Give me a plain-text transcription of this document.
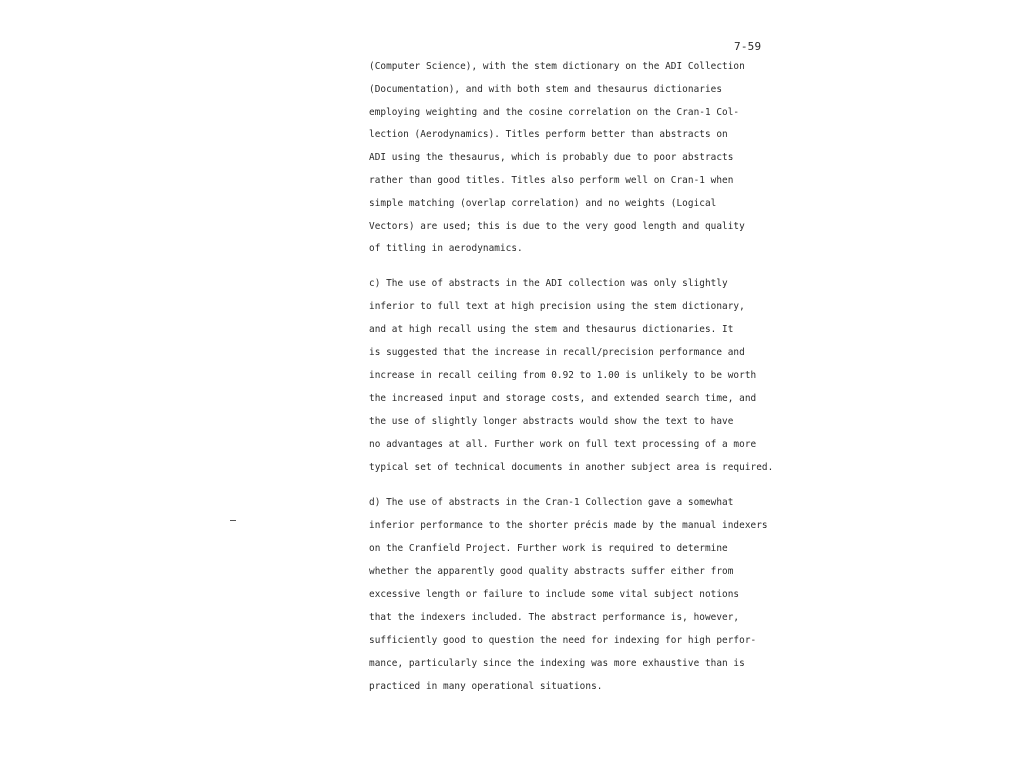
7-59
(Computer Science), with the stem dictionary on the ADI Collection
(Documentation), and with both stem and thesaurus dictionaries
employing weighting and the cosine correlation on the Cran-1 Col-
lection (Aerodynamics). Titles perform better than abstracts on
ADI using the thesaurus, which is probably due to poor abstracts
rather than good titles. Titles also perform well on Cran-1 when
simple matching (overlap correlation) and no weights (Logical
Vectors) are used; this is due to the very good length and quality
of titling in aerodynamics.
c) The use of abstracts in the ADI collection was only slightly
inferior to full text at high precision using the stem dictionary,
and at high recall using the stem and thesaurus dictionaries. It
is suggested that the increase in recall/precision performance and
increase in recall ceiling from 0.92 to 1.00 is unlikely to be worth
the increased input and storage costs, and extended search time, and
the use of slightly longer abstracts would show the text to have
no advantages at all. Further work on full text processing of a more
typical set of technical documents in another subject area is required.
d) The use of abstracts in the Cran-1 Collection gave a somewhat
inferior performance to the shorter précis made by the manual indexers
on the Cranfield Project. Further work is required to determine
whether the apparently good quality abstracts suffer either from
excessive length or failure to include some vital subject notions
that the indexers included. The abstract performance is, however,
sufficiently good to question the need for indexing for high perfor-
mance, particularly since the indexing was more exhaustive than is
practiced in many operational situations.
